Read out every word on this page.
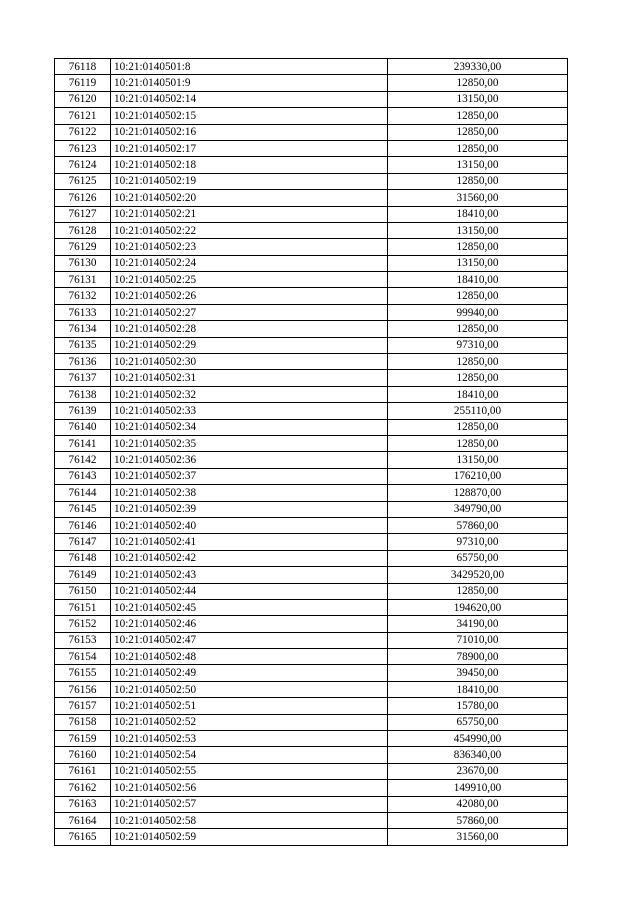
76118	10:21:0140501:8	239330,00
76119	10:21:0140501:9	12850,00
76120	10:21:0140502:14	13150,00
76121	10:21:0140502:15	12850,00
76122	10:21:0140502:16	12850,00
76123	10:21:0140502:17	12850,00
76124	10:21:0140502:18	13150,00
76125	10:21:0140502:19	12850,00
76126	10:21:0140502:20	31560,00
76127	10:21:0140502:21	18410,00
76128	10:21:0140502:22	13150,00
76129	10:21:0140502:23	12850,00
76130	10:21:0140502:24	13150,00
76131	10:21:0140502:25	18410,00
76132	10:21:0140502:26	12850,00
76133	10:21:0140502:27	99940,00
76134	10:21:0140502:28	12850,00
76135	10:21:0140502:29	97310,00
76136	10:21:0140502:30	12850,00
76137	10:21:0140502:31	12850,00
76138	10:21:0140502:32	18410,00
76139	10:21:0140502:33	255110,00
76140	10:21:0140502:34	12850,00
76141	10:21:0140502:35	12850,00
76142	10:21:0140502:36	13150,00
76143	10:21:0140502:37	176210,00
76144	10:21:0140502:38	128870,00
76145	10:21:0140502:39	349790,00
76146	10:21:0140502:40	57860,00
76147	10:21:0140502:41	97310,00
76148	10:21:0140502:42	65750,00
76149	10:21:0140502:43	3429520,00
76150	10:21:0140502:44	12850,00
76151	10:21:0140502:45	194620,00
76152	10:21:0140502:46	34190,00
76153	10:21:0140502:47	71010,00
76154	10:21:0140502:48	78900,00
76155	10:21:0140502:49	39450,00
76156	10:21:0140502:50	18410,00
76157	10:21:0140502:51	15780,00
76158	10:21:0140502:52	65750,00
76159	10:21:0140502:53	454990,00
76160	10:21:0140502:54	836340,00
76161	10:21:0140502:55	23670,00
76162	10:21:0140502:56	149910,00
76163	10:21:0140502:57	42080,00
76164	10:21:0140502:58	57860,00
76165	10:21:0140502:59	31560,00
